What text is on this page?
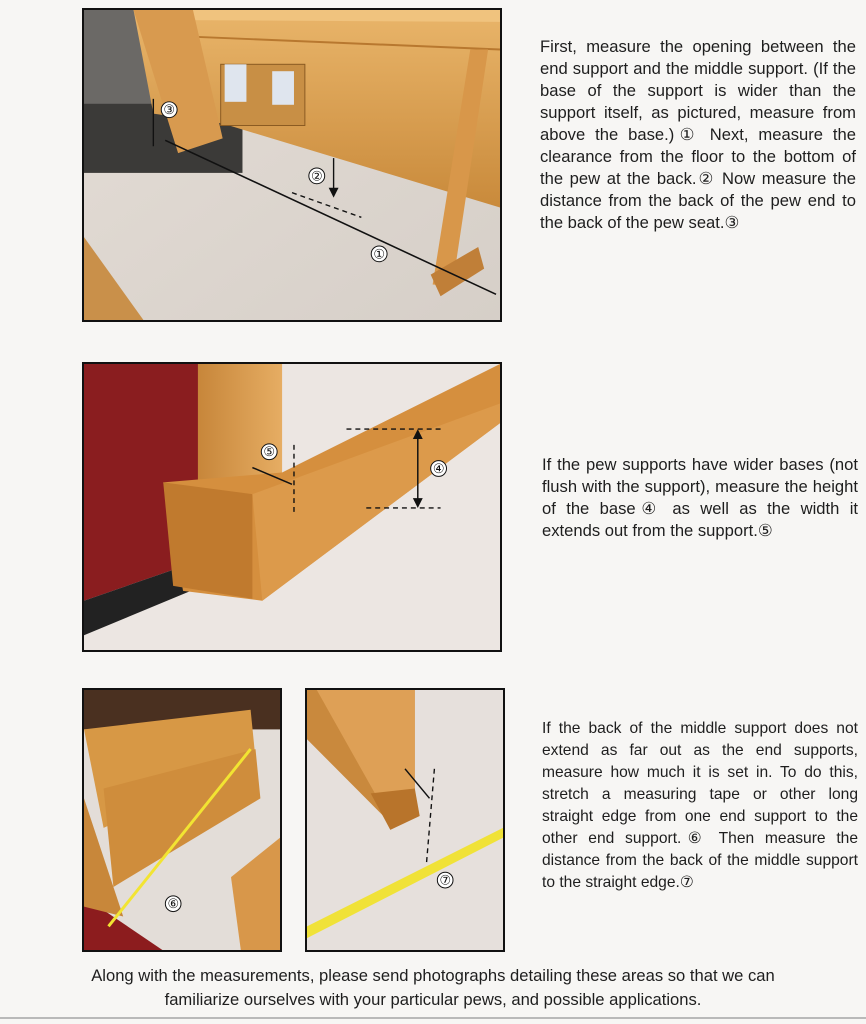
③
②
①

First, measure the opening between the end support and the middle support. (If the base of the support is wider than the support itself, as pictured, measure from above the base.)① Next, measure the clearance from the floor to the bottom of the pew at the back.② Now measure the distance from the back of the pew end to the back of the pew seat.③

⑤
④	If the pew supports have wider bases (not flush with the support), measure the height of the base④ as well as the width it extends out from the support.⑤

⑥
⑦

If the back of the middle support does not extend as far out as the end supports, measure how much it is set in. To do this, stretch a measuring tape or other long straight edge from one end support to the other end support.⑥ Then measure the distance from the back of the middle support to the straight edge.⑦

Along with the measurements, please send photographs detailing these areas so that we can familiarize ourselves with your particular pews, and possible applications.
